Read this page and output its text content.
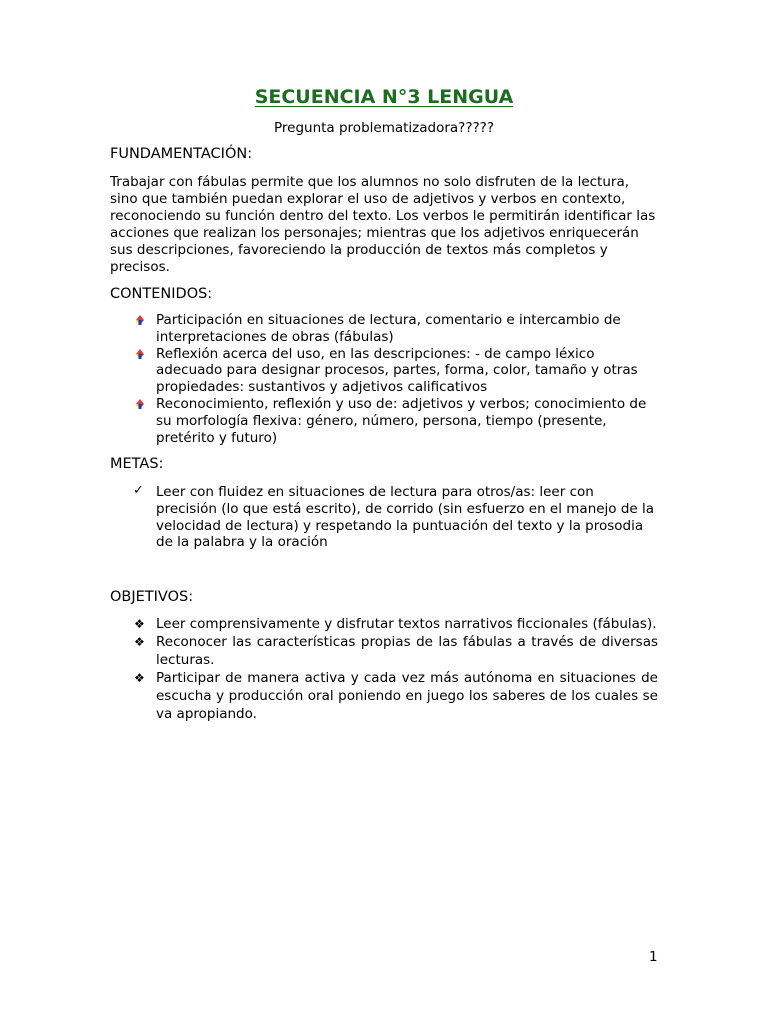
SECUENCIA N°3 LENGUA
Pregunta problematizadora?????
FUNDAMENTACIÓN:

Trabajar con fábulas permite que los alumnos no solo disfruten de la lectura, sino que también puedan explorar el uso de adjetivos y verbos en contexto, reconociendo su función dentro del texto. Los verbos le permitirán identificar las acciones que realizan los personajes; mientras que los adjetivos enriquecerán sus descripciones, favoreciendo la producción de textos más completos y precisos.

CONTENIDOS:
Participación en situaciones de lectura, comentario e intercambio de interpretaciones de obras (fábulas)
Reflexión acerca del uso, en las descripciones: - de campo léxico adecuado para designar procesos, partes, forma, color, tamaño y otras propiedades: sustantivos y adjetivos calificativos
Reconocimiento, reflexión y uso de: adjetivos y verbos; conocimiento de su morfología flexiva: género, número, persona, tiempo (presente, pretérito y futuro)
METAS:
✓ Leer con fluidez en situaciones de lectura para otros/as: leer con precisión (lo que está escrito), de corrido (sin esfuerzo en el manejo de la velocidad de lectura) y respetando la puntuación del texto y la prosodia de la palabra y la oración
OBJETIVOS:
❖ Leer comprensivamente y disfrutar textos narrativos ficcionales (fábulas).
❖ Reconocer las características propias de las fábulas a través de diversas lecturas.
❖ Participar de manera activa y cada vez más autónoma en situaciones de escucha y producción oral poniendo en juego los saberes de los cuales se va apropiando.
1
